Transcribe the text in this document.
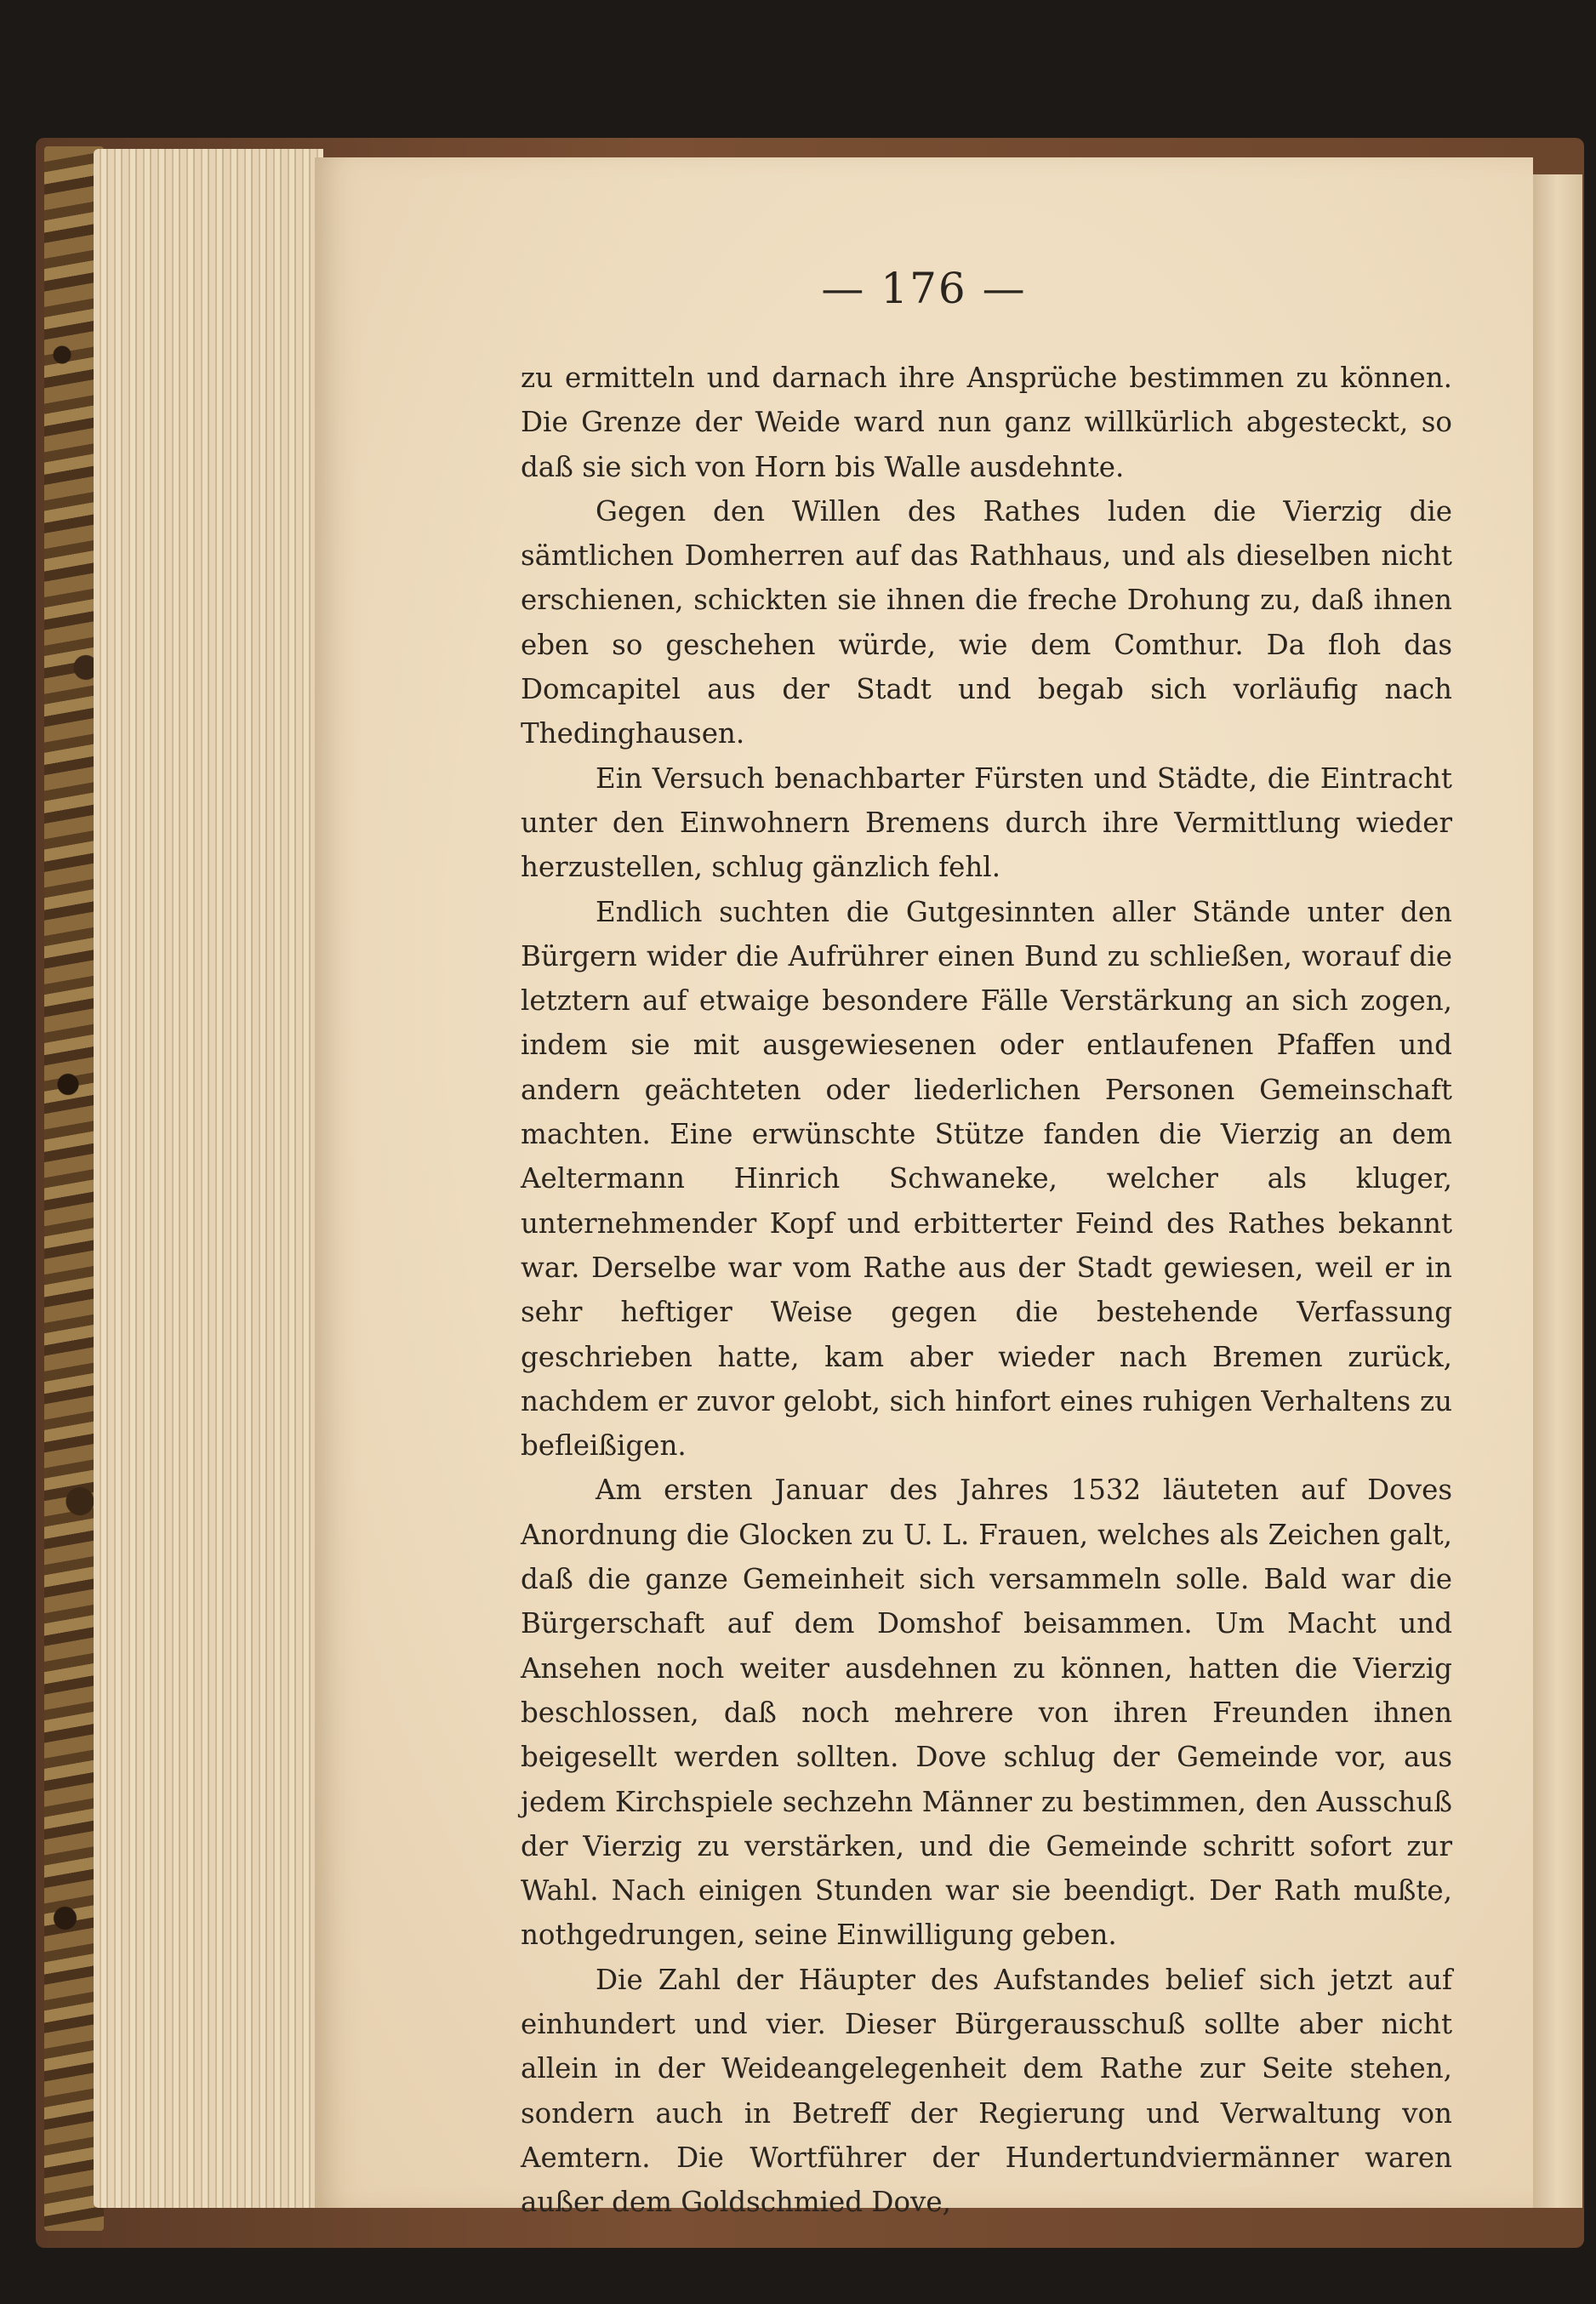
— 176 —

zu ermitteln und darnach ihre Ansprüche bestimmen zu können. Die Grenze der Weide ward nun ganz willkürlich abgesteckt, so daß sie sich von Horn bis Walle ausdehnte.

Gegen den Willen des Rathes luden die Vierzig die sämtlichen Domherren auf das Rathhaus, und als dieselben nicht erschienen, schickten sie ihnen die freche Drohung zu, daß ihnen eben so geschehen würde, wie dem Comthur. Da floh das Domcapitel aus der Stadt und begab sich vorläufig nach Thedinghausen.

Ein Versuch benachbarter Fürsten und Städte, die Eintracht unter den Einwohnern Bremens durch ihre Vermittlung wieder herzustellen, schlug gänzlich fehl.

Endlich suchten die Gutgesinnten aller Stände unter den Bürgern wider die Aufrührer einen Bund zu schließen, worauf die letztern auf etwaige besondere Fälle Verstärkung an sich zogen, indem sie mit ausgewiesenen oder entlaufenen Pfaffen und andern geächteten oder liederlichen Personen Gemeinschaft machten. Eine erwünschte Stütze fanden die Vierzig an dem Aeltermann Hinrich Schwaneke, welcher als kluger, unternehmender Kopf und erbitterter Feind des Rathes bekannt war. Derselbe war vom Rathe aus der Stadt gewiesen, weil er in sehr heftiger Weise gegen die bestehende Verfassung geschrieben hatte, kam aber wieder nach Bremen zurück, nachdem er zuvor gelobt, sich hinfort eines ruhigen Verhaltens zu befleißigen.

Am ersten Januar des Jahres 1532 läuteten auf Doves Anordnung die Glocken zu U. L. Frauen, welches als Zeichen galt, daß die ganze Gemeinheit sich versammeln solle. Bald war die Bürgerschaft auf dem Domshof beisammen. Um Macht und Ansehen noch weiter ausdehnen zu können, hatten die Vierzig beschlossen, daß noch mehrere von ihren Freunden ihnen beigesellt werden sollten. Dove schlug der Gemeinde vor, aus jedem Kirchspiele sechzehn Männer zu bestimmen, den Ausschuß der Vierzig zu verstärken, und die Gemeinde schritt sofort zur Wahl. Nach einigen Stunden war sie beendigt. Der Rath mußte, nothgedrungen, seine Einwilligung geben.

Die Zahl der Häupter des Aufstandes belief sich jetzt auf einhundert und vier. Dieser Bürgerausschuß sollte aber nicht allein in der Weideangelegenheit dem Rathe zur Seite stehen, sondern auch in Betreff der Regierung und Verwaltung von Aemtern. Die Wortführer der Hundertundviermänner waren außer dem Goldschmied Dove,
